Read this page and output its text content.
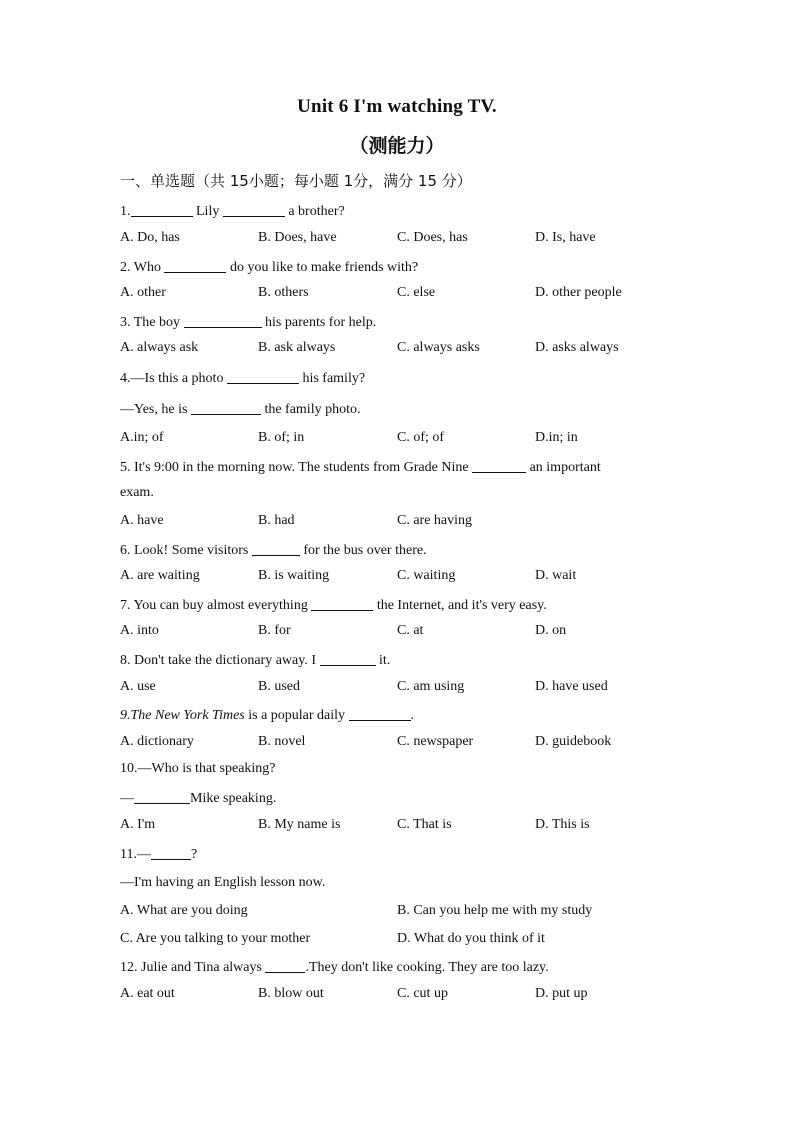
Unit 6 I'm watching TV.
（测能力）
一、单选题（共 15小题；每小题 1分，满分 15 分）
1.	Lily	a brother?
A. Do, has	B. Does, have	C. Does, has	D. Is, have
2. Who	do you like to make friends with?
A. other	B. others	C. else	D. other people
3. The boy	his parents for help.
A. always ask	B. ask always	C. always asks	D. asks always
4.—Is this a photo	his family?
—Yes, he is	the family photo.
A.in; of	B. of; in	C. of; of	D.in; in
5. It's 9:00 in the morning now. The students from Grade Nine	an important
exam.
A. have	B. had	C. are having
6. Look! Some visitors	for the bus over there.
A. are waiting	B. is waiting	C. waiting	D. wait
7. You can buy almost everything	the Internet, and it's very easy.
A. into	B. for	C. at	D. on
8. Don't take the dictionary away. I	it.
A. use	B. used	C. am using	D. have used
9.The New York Times is a popular daily	.
A. dictionary	B. novel	C. newspaper	D. guidebook
10.—Who is that speaking?
—	Mike speaking.
A. I'm	B. My name is	C. That is	D. This is
11.—	?
—I'm having an English lesson now.
A. What are you doing	B. Can you help me with my study
C. Are you talking to your mother	D. What do you think of it
12. Julie and Tina always	.They don't like cooking. They are too lazy.
A. eat out	B. blow out	C. cut up	D. put up
